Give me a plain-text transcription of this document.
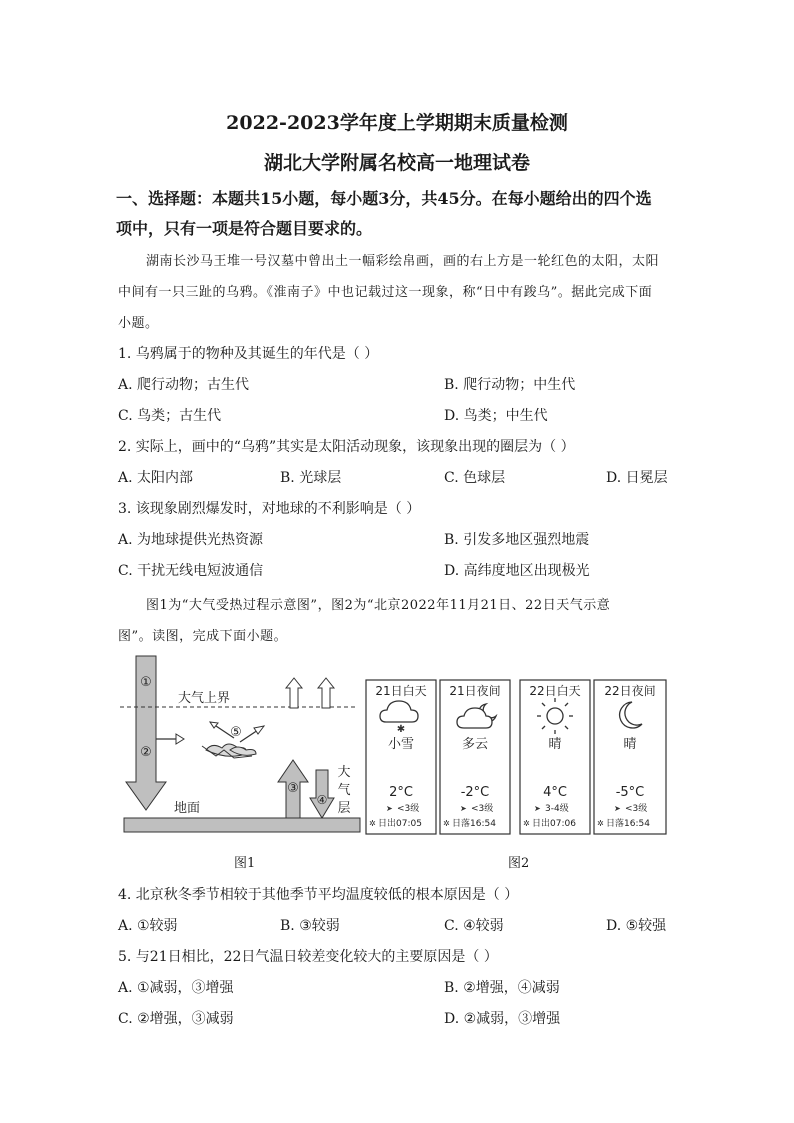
2022-2023学年度上学期期末质量检测
湖北大学附属名校高一地理试卷
一、选择题：本题共15小题，每小题3分，共45分。在每小题给出的四个选
项中，只有一项是符合题目要求的。
湖南长沙马王堆一号汉墓中曾出土一幅彩绘帛画，画的右上方是一轮红色的太阳，太阳
中间有一只三趾的乌鸦。《淮南子》中也记载过这一现象，称“日中有踆乌”。据此完成下面
小题。
1. 乌鸦属于的物种及其诞生的年代是（ ）
A. 爬行动物；古生代	B. 爬行动物；中生代
C. 鸟类；古生代	D. 鸟类；中生代
2. 实际上，画中的“乌鸦”其实是太阳活动现象，该现象出现的圈层为（ ）
A. 太阳内部	B. 光球层	C. 色球层	D. 日冕层
3. 该现象剧烈爆发时，对地球的不利影响是（ ）
A. 为地球提供光热资源	B. 引发多地区强烈地震
C. 干扰无线电短波通信	D. 高纬度地区出现极光
图1为“大气受热过程示意图”，图2为“北京2022年11月21日、22日天气示意
图”。读图，完成下面小题。
①
②
③
④
⑤
大气上界
地面
大
气
层
21日白天 21日夜间 22日白天 22日夜间
✱
小雪	多云	晴	晴
2°C	-2°C	4°C	-5°C
➤ <3级	➤ <3级	➤ 3-4级	➤ <3级
✲ 日出07:05	✲ 日落16:54	✲ 日出07:06	✲ 日落16:54
图1	图2
4. 北京秋冬季节相较于其他季节平均温度较低的根本原因是（ ）
A. ①较弱	B. ③较弱	C. ④较弱	D. ⑤较强
5. 与21日相比，22日气温日较差变化较大的主要原因是（ ）
A. ①减弱，③增强	B. ②增强，④减弱
C. ②增强，③减弱	D. ②减弱，③增强
